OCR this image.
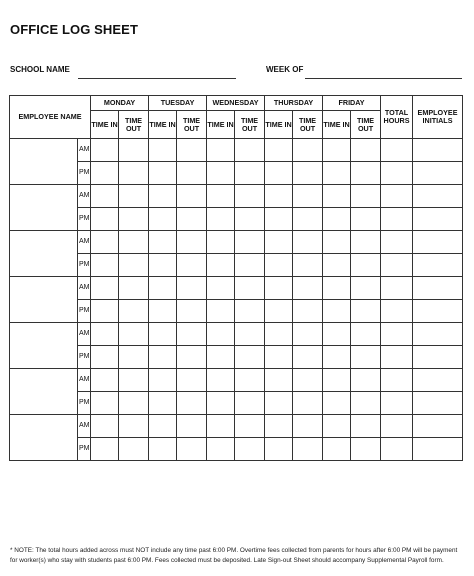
OFFICE LOG SHEET
SCHOOL NAME	WEEK OF
EMPLOYEE NAME		MONDAY		TUESDAY		WEDNESDAY		THURSDAY		FRIDAY		TOTAL HOURS	EMPLOYEE INITIALS
		TIME IN	TIME OUT	TIME IN	TIME OUT	TIME IN	TIME OUT	TIME IN	TIME OUT	TIME IN	TIME OUT		
	AM												
	PM												
	AM												
	PM												
	AM												
	PM												
	AM												
	PM												
	AM												
	PM												
	AM												
	PM												
	AM												
	PM												
* NOTE: The total hours added across must NOT include any time past 6:00 PM. Overtime fees collected from parents for hours after 6:00 PM will be payment for worker(s) who stay with students past 6:00 PM. Fees collected must be deposited. Late Sign-out Sheet should accompany Supplemental Payroll form.
